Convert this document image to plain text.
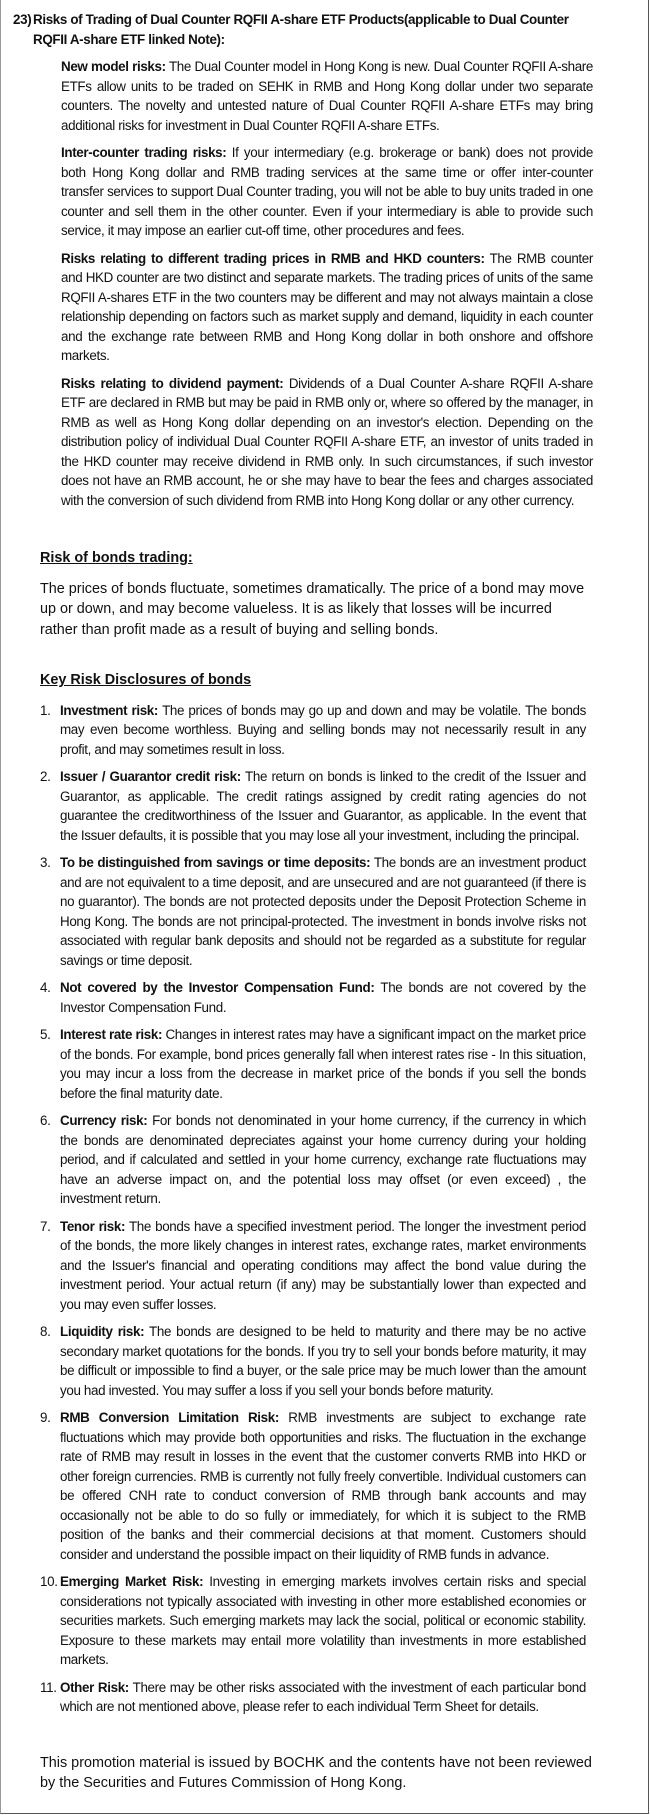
23) Risks of Trading of Dual Counter RQFII A-share ETF Products(applicable to Dual Counter
RQFII A-share ETF linked Note):

New model risks: The Dual Counter model in Hong Kong is new. Dual Counter RQFII A-share ETFs allow units to be traded on SEHK in RMB and Hong Kong dollar under two separate counters. The novelty and untested nature of Dual Counter RQFII A-share ETFs may bring additional risks for investment in Dual Counter RQFII A-share ETFs.

Inter-counter trading risks: If your intermediary (e.g. brokerage or bank) does not provide both Hong Kong dollar and RMB trading services at the same time or offer inter-counter transfer services to support Dual Counter trading, you will not be able to buy units traded in one counter and sell them in the other counter. Even if your intermediary is able to provide such service, it may impose an earlier cut-off time, other procedures and fees.

Risks relating to different trading prices in RMB and HKD counters: The RMB counter and HKD counter are two distinct and separate markets. The trading prices of units of the same RQFII A-shares ETF in the two counters may be different and may not always maintain a close relationship depending on factors such as market supply and demand, liquidity in each counter and the exchange rate between RMB and Hong Kong dollar in both onshore and offshore markets.

Risks relating to dividend payment: Dividends of a Dual Counter A-share RQFII A-share ETF are declared in RMB but may be paid in RMB only or, where so offered by the manager, in RMB as well as Hong Kong dollar depending on an investor's election. Depending on the distribution policy of individual Dual Counter RQFII A-share ETF, an investor of units traded in the HKD counter may receive dividend in RMB only. In such circumstances, if such investor does not have an RMB account, he or she may have to bear the fees and charges associated with the conversion of such dividend from RMB into Hong Kong dollar or any other currency.

Risk of bonds trading:

The prices of bonds fluctuate, sometimes dramatically. The price of a bond may move up or down, and may become valueless. It is as likely that losses will be incurred rather than profit made as a result of buying and selling bonds.

Key Risk Disclosures of bonds
1. Investment risk: The prices of bonds may go up and down and may be volatile. The bonds may even become worthless. Buying and selling bonds may not necessarily result in any profit, and may sometimes result in loss.
2. Issuer / Guarantor credit risk: The return on bonds is linked to the credit of the Issuer and Guarantor, as applicable. The credit ratings assigned by credit rating agencies do not guarantee the creditworthiness of the Issuer and Guarantor, as applicable. In the event that the Issuer defaults, it is possible that you may lose all your investment, including the principal.
3. To be distinguished from savings or time deposits: The bonds are an investment product and are not equivalent to a time deposit, and are unsecured and are not guaranteed (if there is no guarantor). The bonds are not protected deposits under the Deposit Protection Scheme in Hong Kong. The bonds are not principal-protected. The investment in bonds involve risks not associated with regular bank deposits and should not be regarded as a substitute for regular savings or time deposit.
4. Not covered by the Investor Compensation Fund: The bonds are not covered by the Investor Compensation Fund.
5. Interest rate risk: Changes in interest rates may have a significant impact on the market price of the bonds. For example, bond prices generally fall when interest rates rise - In this situation, you may incur a loss from the decrease in market price of the bonds if you sell the bonds before the final maturity date.
6. Currency risk: For bonds not denominated in your home currency, if the currency in which the bonds are denominated depreciates against your home currency during your holding period, and if calculated and settled in your home currency, exchange rate fluctuations may have an adverse impact on, and the potential loss may offset (or even exceed) , the investment return.
7. Tenor risk: The bonds have a specified investment period. The longer the investment period of the bonds, the more likely changes in interest rates, exchange rates, market environments and the Issuer's financial and operating conditions may affect the bond value during the investment period. Your actual return (if any) may be substantially lower than expected and you may even suffer losses.
8. Liquidity risk: The bonds are designed to be held to maturity and there may be no active secondary market quotations for the bonds. If you try to sell your bonds before maturity, it may be difficult or impossible to find a buyer, or the sale price may be much lower than the amount you had invested. You may suffer a loss if you sell your bonds before maturity.
9. RMB Conversion Limitation Risk: RMB investments are subject to exchange rate fluctuations which may provide both opportunities and risks. The fluctuation in the exchange rate of RMB may result in losses in the event that the customer converts RMB into HKD or other foreign currencies. RMB is currently not fully freely convertible. Individual customers can be offered CNH rate to conduct conversion of RMB through bank accounts and may occasionally not be able to do so fully or immediately, for which it is subject to the RMB position of the banks and their commercial decisions at that moment. Customers should consider and understand the possible impact on their liquidity of RMB funds in advance.
10. Emerging Market Risk: Investing in emerging markets involves certain risks and special considerations not typically associated with investing in other more established economies or securities markets. Such emerging markets may lack the social, political or economic stability. Exposure to these markets may entail more volatility than investments in more established markets.
11. Other Risk: There may be other risks associated with the investment of each particular bond which are not mentioned above, please refer to each individual Term Sheet for details.

This promotion material is issued by BOCHK and the contents have not been reviewed by the Securities and Futures Commission of Hong Kong.
